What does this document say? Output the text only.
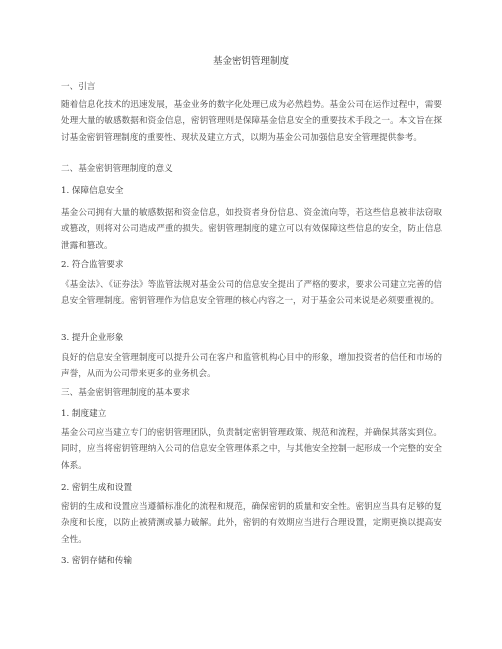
基金密钥管理制度
一、引言
随着信息化技术的迅速发展，基金业务的数字化处理已成为必然趋势。基金公司在运作过程中，需要处理大量的敏感数据和资金信息，密钥管理则是保障基金信息安全的重要技术手段之一。本文旨在探讨基金密钥管理制度的重要性、现状及建立方式，以期为基金公司加强信息安全管理提供参考。
二、基金密钥管理制度的意义
1. 保障信息安全
基金公司拥有大量的敏感数据和资金信息，如投资者身份信息、资金流向等，若这些信息被非法窃取或篡改，则将对公司造成严重的损失。密钥管理制度的建立可以有效保障这些信息的安全，防止信息泄露和篡改。
2. 符合监管要求
《基金法》、《证券法》等监管法规对基金公司的信息安全提出了严格的要求，要求公司建立完善的信息安全管理制度。密钥管理作为信息安全管理的核心内容之一，对于基金公司来说是必须要重视的。
3. 提升企业形象
良好的信息安全管理制度可以提升公司在客户和监管机构心目中的形象，增加投资者的信任和市场的声誉，从而为公司带来更多的业务机会。
三、基金密钥管理制度的基本要求
1. 制度建立
基金公司应当建立专门的密钥管理团队，负责制定密钥管理政策、规范和流程，并确保其落实到位。同时，应当将密钥管理纳入公司的信息安全管理体系之中，与其他安全控制一起形成一个完整的安全体系。
2. 密钥生成和设置
密钥的生成和设置应当遵循标准化的流程和规范，确保密钥的质量和安全性。密钥应当具有足够的复杂度和长度，以防止被猜测或暴力破解。此外，密钥的有效期应当进行合理设置，定期更换以提高安全性。
3. 密钥存储和传输
